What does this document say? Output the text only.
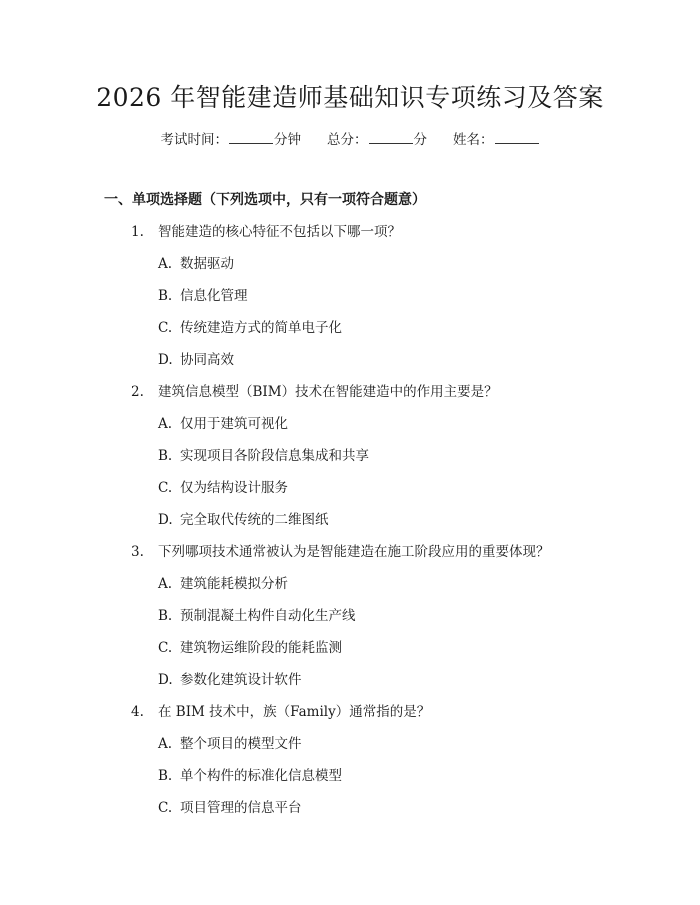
2026 年智能建造师基础知识专项练习及答案
考试时间：	分钟 总分：	分 姓名：
一、单项选择题（下列选项中，只有一项符合题意）
1. 智能建造的核心特征不包括以下哪一项？
A. 数据驱动
B. 信息化管理
C. 传统建造方式的简单电子化
D. 协同高效
2. 建筑信息模型（BIM）技术在智能建造中的作用主要是？
A. 仅用于建筑可视化
B. 实现项目各阶段信息集成和共享
C. 仅为结构设计服务
D. 完全取代传统的二维图纸
3. 下列哪项技术通常被认为是智能建造在施工阶段应用的重要体现？
A. 建筑能耗模拟分析
B. 预制混凝土构件自动化生产线
C. 建筑物运维阶段的能耗监测
D. 参数化建筑设计软件
4. 在 BIM 技术中，族（Family）通常指的是？
A. 整个项目的模型文件
B. 单个构件的标准化信息模型
C. 项目管理的信息平台
